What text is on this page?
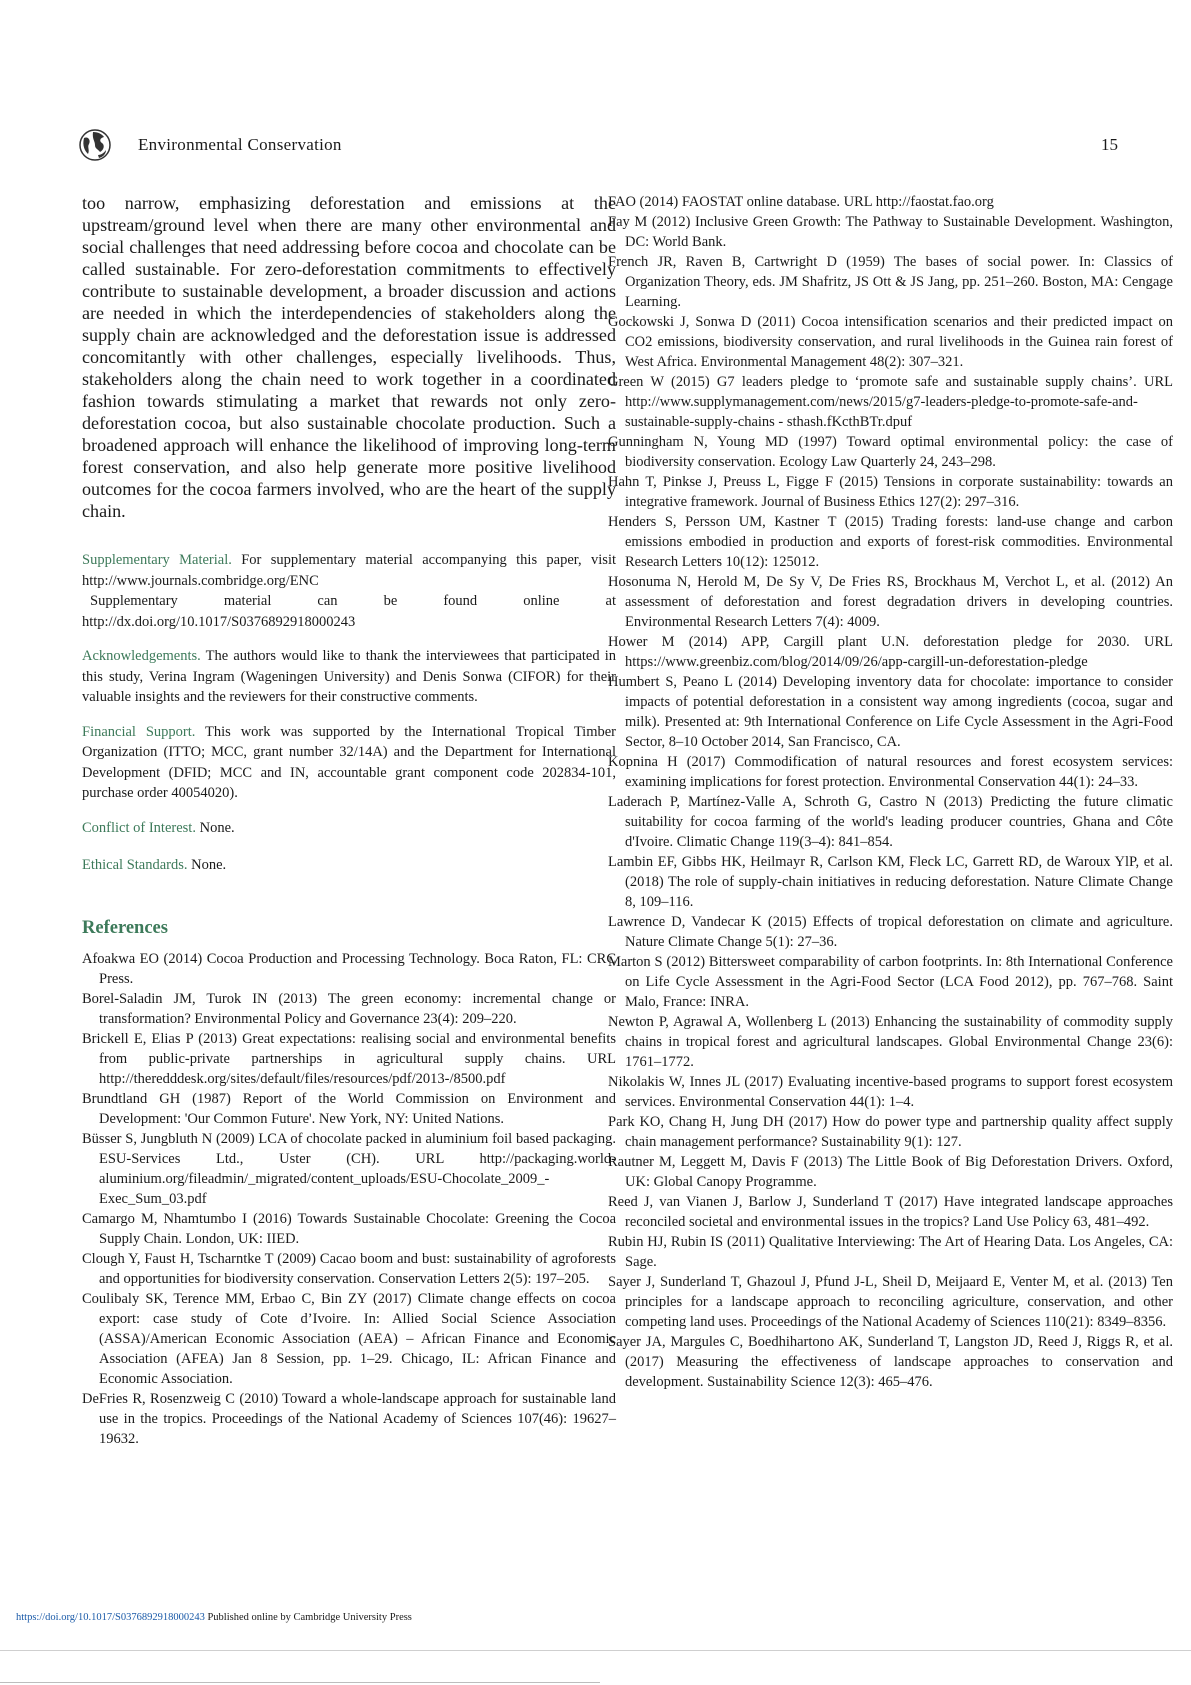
Environmental Conservation	15

too narrow, emphasizing deforestation and emissions at the upstream/ground level when there are many other environmental and social challenges that need addressing before cocoa and chocolate can be called sustainable. For zero-deforestation commitments to effectively contribute to sustainable development, a broader discussion and actions are needed in which the interdependencies of stakeholders along the supply chain are acknowledged and the deforestation issue is addressed concomitantly with other challenges, especially livelihoods. Thus, stakeholders along the chain need to work together in a coordinated fashion towards stimulating a market that rewards not only zero-deforestation cocoa, but also sustainable chocolate production. Such a broadened approach will enhance the likelihood of improving long-term forest conservation, and also help generate more positive livelihood outcomes for the cocoa farmers involved, who are the heart of the supply chain.

Supplementary Material. For supplementary material accompanying this paper, visit http://www.journals.combridge.org/ENC

Supplementary material can be found online at http://dx.doi.org/10.1017/S0376892918000243

Acknowledgements. The authors would like to thank the interviewees that participated in this study, Verina Ingram (Wageningen University) and Denis Sonwa (CIFOR) for their valuable insights and the reviewers for their constructive comments.

Financial Support. This work was supported by the International Tropical Timber Organization (ITTO; MCC, grant number 32/14A) and the Department for International Development (DFID; MCC and IN, accountable grant component code 202834-101, purchase order 40054020).

Conflict of Interest. None.

Ethical Standards. None.

References

Afoakwa EO (2014) Cocoa Production and Processing Technology. Boca Raton, FL: CRC Press.

Borel-Saladin JM, Turok IN (2013) The green economy: incremental change or transformation? Environmental Policy and Governance 23(4): 209–220.

Brickell E, Elias P (2013) Great expectations: realising social and environmental benefits from public-private partnerships in agricultural supply chains. URL http://theredddesk.org/sites/default/files/resources/pdf/2013-/8500.pdf

Brundtland GH (1987) Report of the World Commission on Environment and Development: 'Our Common Future'. New York, NY: United Nations.

Büsser S, Jungbluth N (2009) LCA of chocolate packed in aluminium foil based packaging. ESU-Services Ltd., Uster (CH). URL http://packaging.world-aluminium.org/fileadmin/_migrated/content_uploads/ESU-Chocolate_2009_-Exec_Sum_03.pdf

Camargo M, Nhamtumbo I (2016) Towards Sustainable Chocolate: Greening the Cocoa Supply Chain. London, UK: IIED.

Clough Y, Faust H, Tscharntke T (2009) Cacao boom and bust: sustainability of agroforests and opportunities for biodiversity conservation. Conservation Letters 2(5): 197–205.

Coulibaly SK, Terence MM, Erbao C, Bin ZY (2017) Climate change effects on cocoa export: case study of Cote d’Ivoire. In: Allied Social Science Association (ASSA)/American Economic Association (AEA) – African Finance and Economic Association (AFEA) Jan 8 Session, pp. 1–29. Chicago, IL: African Finance and Economic Association.

DeFries R, Rosenzweig C (2010) Toward a whole-landscape approach for sustainable land use in the tropics. Proceedings of the National Academy of Sciences 107(46): 19627–19632.

FAO (2014) FAOSTAT online database. URL http://faostat.fao.org

Fay M (2012) Inclusive Green Growth: The Pathway to Sustainable Development. Washington, DC: World Bank.

French JR, Raven B, Cartwright D (1959) The bases of social power. In: Classics of Organization Theory, eds. JM Shafritz, JS Ott & JS Jang, pp. 251–260. Boston, MA: Cengage Learning.

Gockowski J, Sonwa D (2011) Cocoa intensification scenarios and their predicted impact on CO2 emissions, biodiversity conservation, and rural livelihoods in the Guinea rain forest of West Africa. Environmental Management 48(2): 307–321.

Green W (2015) G7 leaders pledge to ‘promote safe and sustainable supply chains’. URL http://www.supplymanagement.com/news/2015/g7-leaders-pledge-to-promote-safe-and-sustainable-supply-chains - sthash.fKcthBTr.dpuf

Gunningham N, Young MD (1997) Toward optimal environmental policy: the case of biodiversity conservation. Ecology Law Quarterly 24, 243–298.

Hahn T, Pinkse J, Preuss L, Figge F (2015) Tensions in corporate sustainability: towards an integrative framework. Journal of Business Ethics 127(2): 297–316.

Henders S, Persson UM, Kastner T (2015) Trading forests: land-use change and carbon emissions embodied in production and exports of forest-risk commodities. Environmental Research Letters 10(12): 125012.

Hosonuma N, Herold M, De Sy V, De Fries RS, Brockhaus M, Verchot L, et al. (2012) An assessment of deforestation and forest degradation drivers in developing countries. Environmental Research Letters 7(4): 4009.

Hower M (2014) APP, Cargill plant U.N. deforestation pledge for 2030. URL https://www.greenbiz.com/blog/2014/09/26/app-cargill-un-deforestation-pledge

Humbert S, Peano L (2014) Developing inventory data for chocolate: importance to consider impacts of potential deforestation in a consistent way among ingredients (cocoa, sugar and milk). Presented at: 9th International Conference on Life Cycle Assessment in the Agri-Food Sector, 8–10 October 2014, San Francisco, CA.

Kopnina H (2017) Commodification of natural resources and forest ecosystem services: examining implications for forest protection. Environmental Conservation 44(1): 24–33.

Laderach P, Martínez-Valle A, Schroth G, Castro N (2013) Predicting the future climatic suitability for cocoa farming of the world's leading producer countries, Ghana and Côte d'Ivoire. Climatic Change 119(3–4): 841–854.

Lambin EF, Gibbs HK, Heilmayr R, Carlson KM, Fleck LC, Garrett RD, de Waroux YlP, et al. (2018) The role of supply-chain initiatives in reducing deforestation. Nature Climate Change 8, 109–116.

Lawrence D, Vandecar K (2015) Effects of tropical deforestation on climate and agriculture. Nature Climate Change 5(1): 27–36.

Marton S (2012) Bittersweet comparability of carbon footprints. In: 8th International Conference on Life Cycle Assessment in the Agri-Food Sector (LCA Food 2012), pp. 767–768. Saint Malo, France: INRA.

Newton P, Agrawal A, Wollenberg L (2013) Enhancing the sustainability of commodity supply chains in tropical forest and agricultural landscapes. Global Environmental Change 23(6): 1761–1772.

Nikolakis W, Innes JL (2017) Evaluating incentive-based programs to support forest ecosystem services. Environmental Conservation 44(1): 1–4.

Park KO, Chang H, Jung DH (2017) How do power type and partnership quality affect supply chain management performance? Sustainability 9(1): 127.

Rautner M, Leggett M, Davis F (2013) The Little Book of Big Deforestation Drivers. Oxford, UK: Global Canopy Programme.

Reed J, van Vianen J, Barlow J, Sunderland T (2017) Have integrated landscape approaches reconciled societal and environmental issues in the tropics? Land Use Policy 63, 481–492.

Rubin HJ, Rubin IS (2011) Qualitative Interviewing: The Art of Hearing Data. Los Angeles, CA: Sage.

Sayer J, Sunderland T, Ghazoul J, Pfund J-L, Sheil D, Meijaard E, Venter M, et al. (2013) Ten principles for a landscape approach to reconciling agriculture, conservation, and other competing land uses. Proceedings of the National Academy of Sciences 110(21): 8349–8356.

Sayer JA, Margules C, Boedhihartono AK, Sunderland T, Langston JD, Reed J, Riggs R, et al. (2017) Measuring the effectiveness of landscape approaches to conservation and development. Sustainability Science 12(3): 465–476.

https://doi.org/10.1017/S0376892918000243 Published online by Cambridge University Press
